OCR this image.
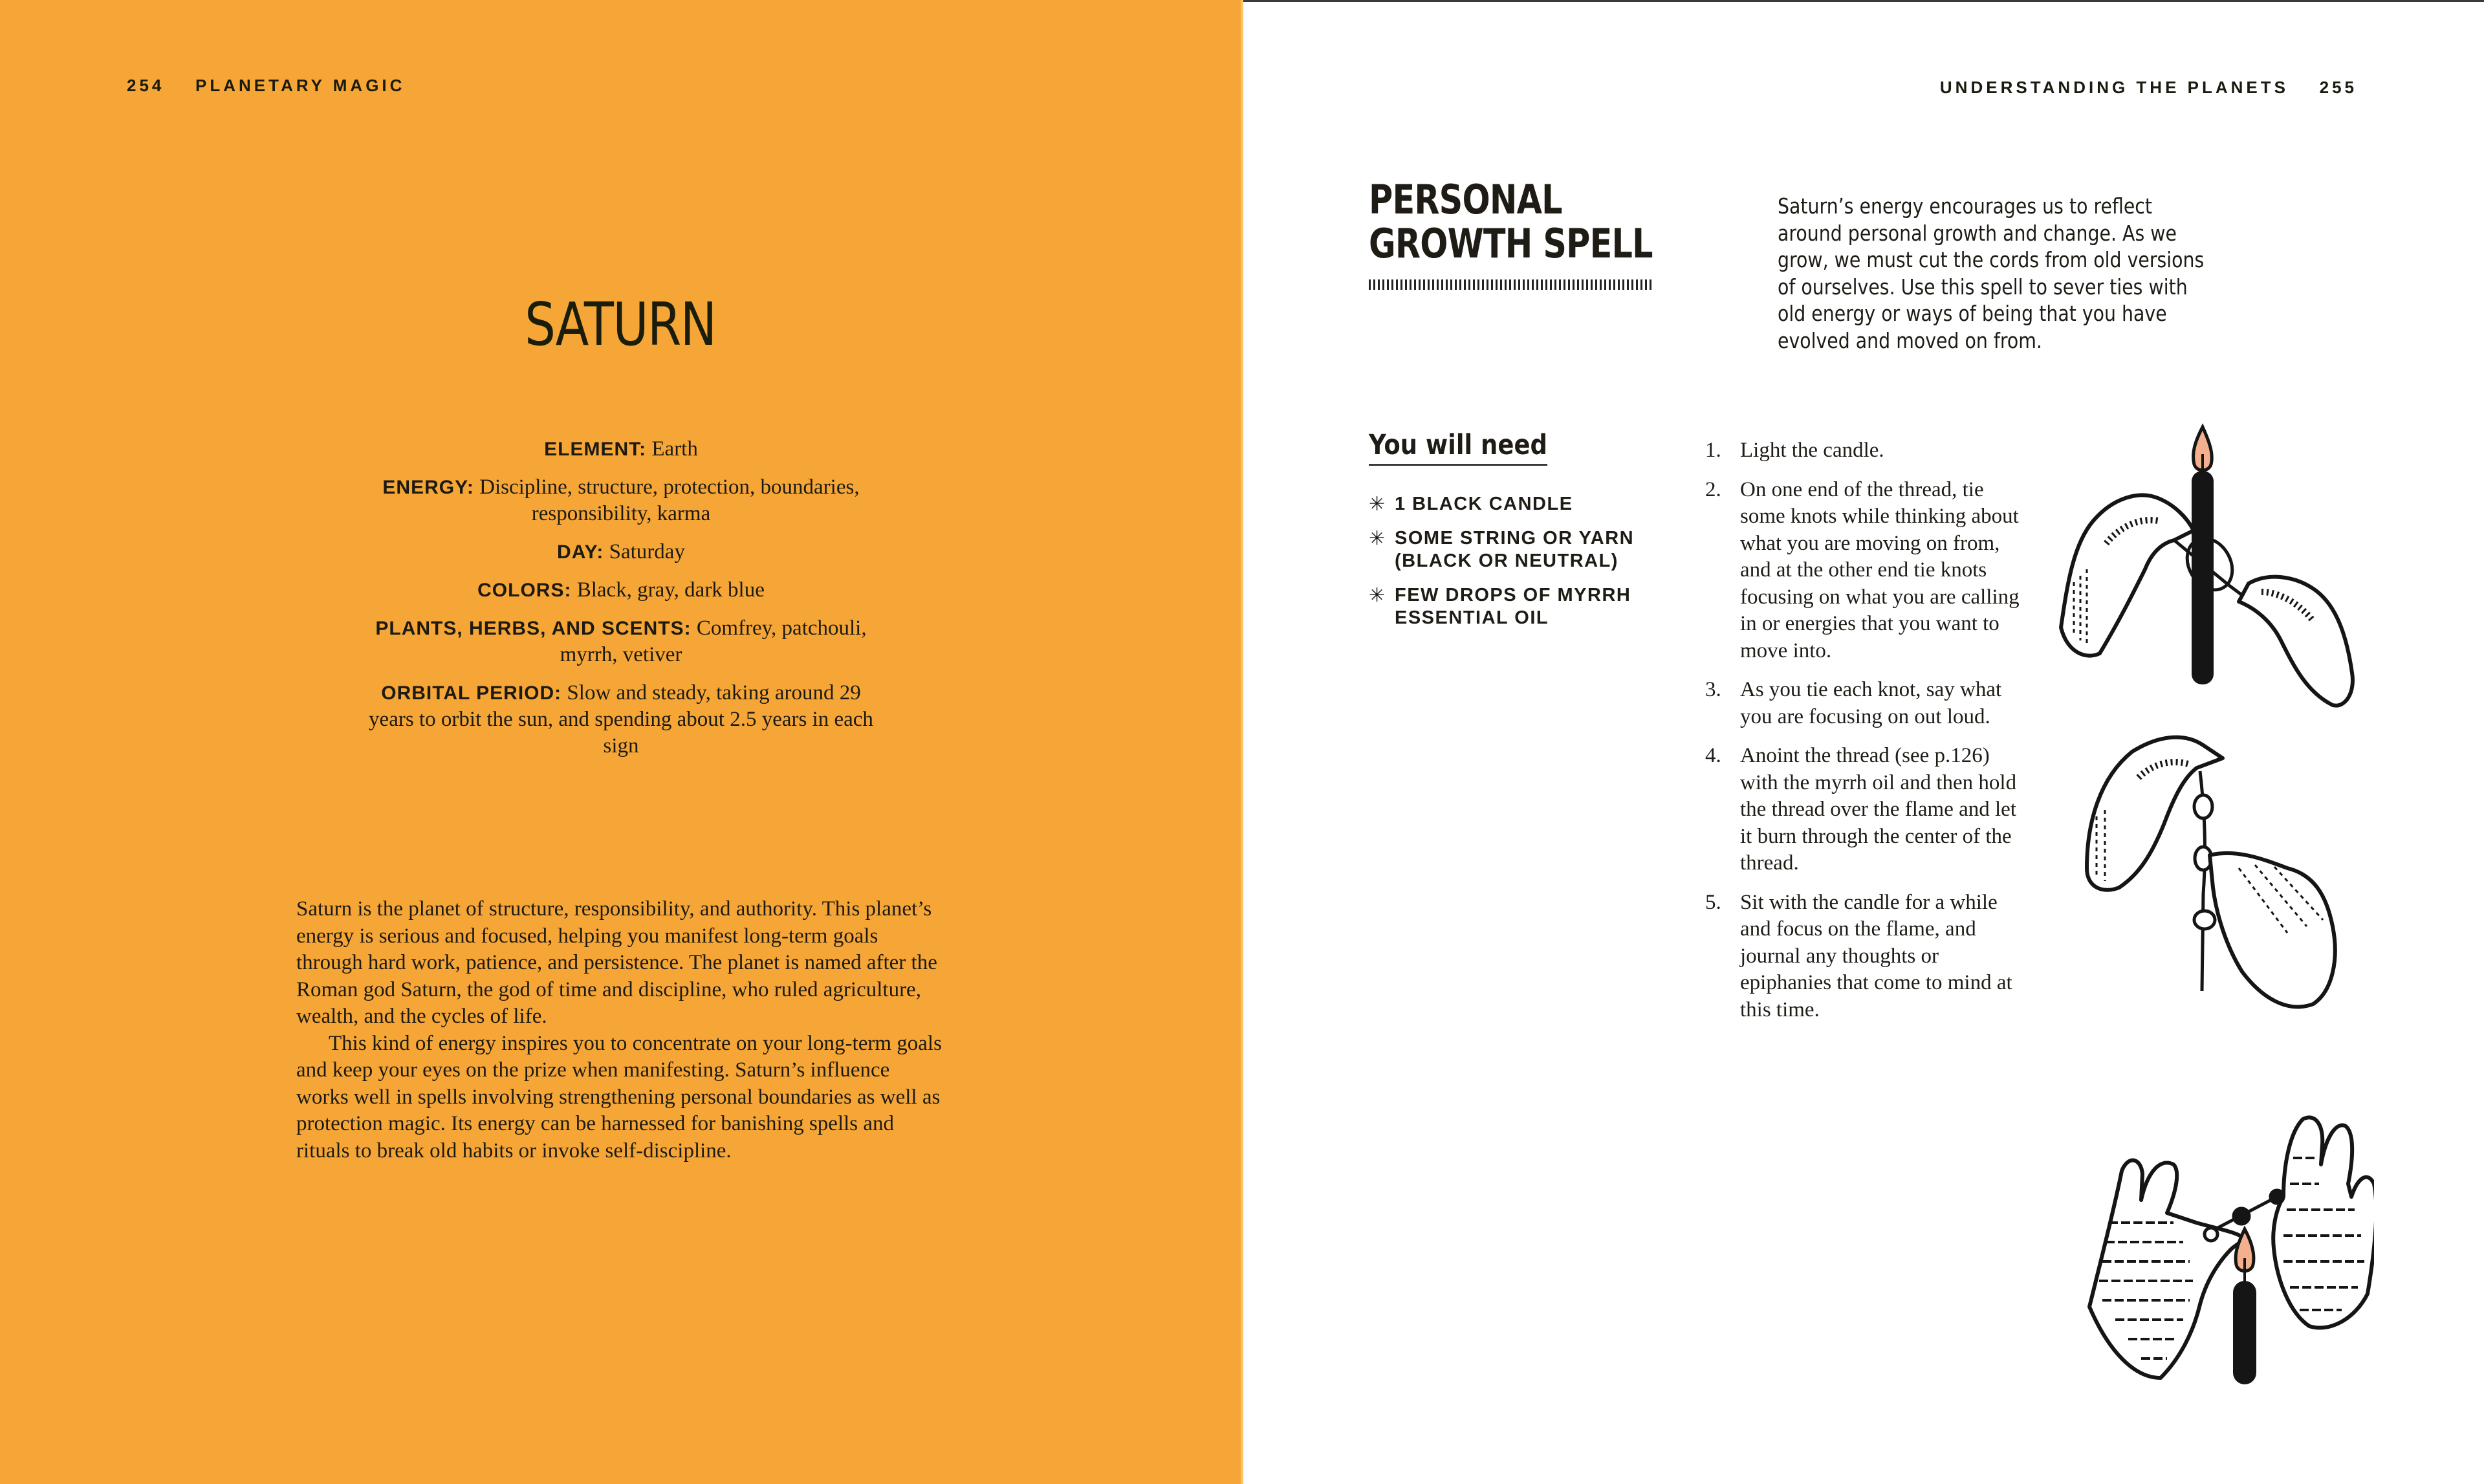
254 PLANETARY MAGIC
SATURN
ELEMENT: Earth
ENERGY: Discipline, structure, protection, boundaries, responsibility, karma
DAY: Saturday
COLORS: Black, gray, dark blue
PLANTS, HERBS, AND SCENTS: Comfrey, patchouli, myrrh, vetiver
ORBITAL PERIOD: Slow and steady, taking around 29 years to orbit the sun, and spending about 2.5 years in each sign

Saturn is the planet of structure, responsibility, and authority. This planet’s energy is serious and focused, helping you manifest long-term goals through hard work, patience, and persistence. The planet is named after the Roman god Saturn, the god of time and discipline, who ruled agriculture, wealth, and the cycles of life.

This kind of energy inspires you to concentrate on your long-term goals and keep your eyes on the prize when manifesting. Saturn’s influence works well in spells involving strengthening personal boundaries as well as protection magic. Its energy can be harnessed for banishing spells and rituals to break old habits or invoke self-discipline.

UNDERSTANDING THE PLANETS 255
PERSONAL
GROWTH SPELL

Saturn’s energy encourages us to reflect around personal growth and change. As we grow, we must cut the cords from old versions of ourselves. Use this spell to sever ties with old energy or ways of being that you have evolved and moved on from.

You will need
✳ 1 BLACK CANDLE
✳ SOME STRING OR YARN (BLACK OR NEUTRAL)
✳ FEW DROPS OF MYRRH ESSENTIAL OIL
1. Light the candle.
2. On one end of the thread, tie some knots while thinking about what you are moving on from, and at the other end tie knots focusing on what you are calling in or energies that you want to move into.
3. As you tie each knot, say what you are focusing on out loud.
4. Anoint the thread (see p.126) with the myrrh oil and then hold the thread over the flame and let it burn through the center of the thread.
5. Sit with the candle for a while and focus on the flame, and journal any thoughts or epiphanies that come to mind at this time.
